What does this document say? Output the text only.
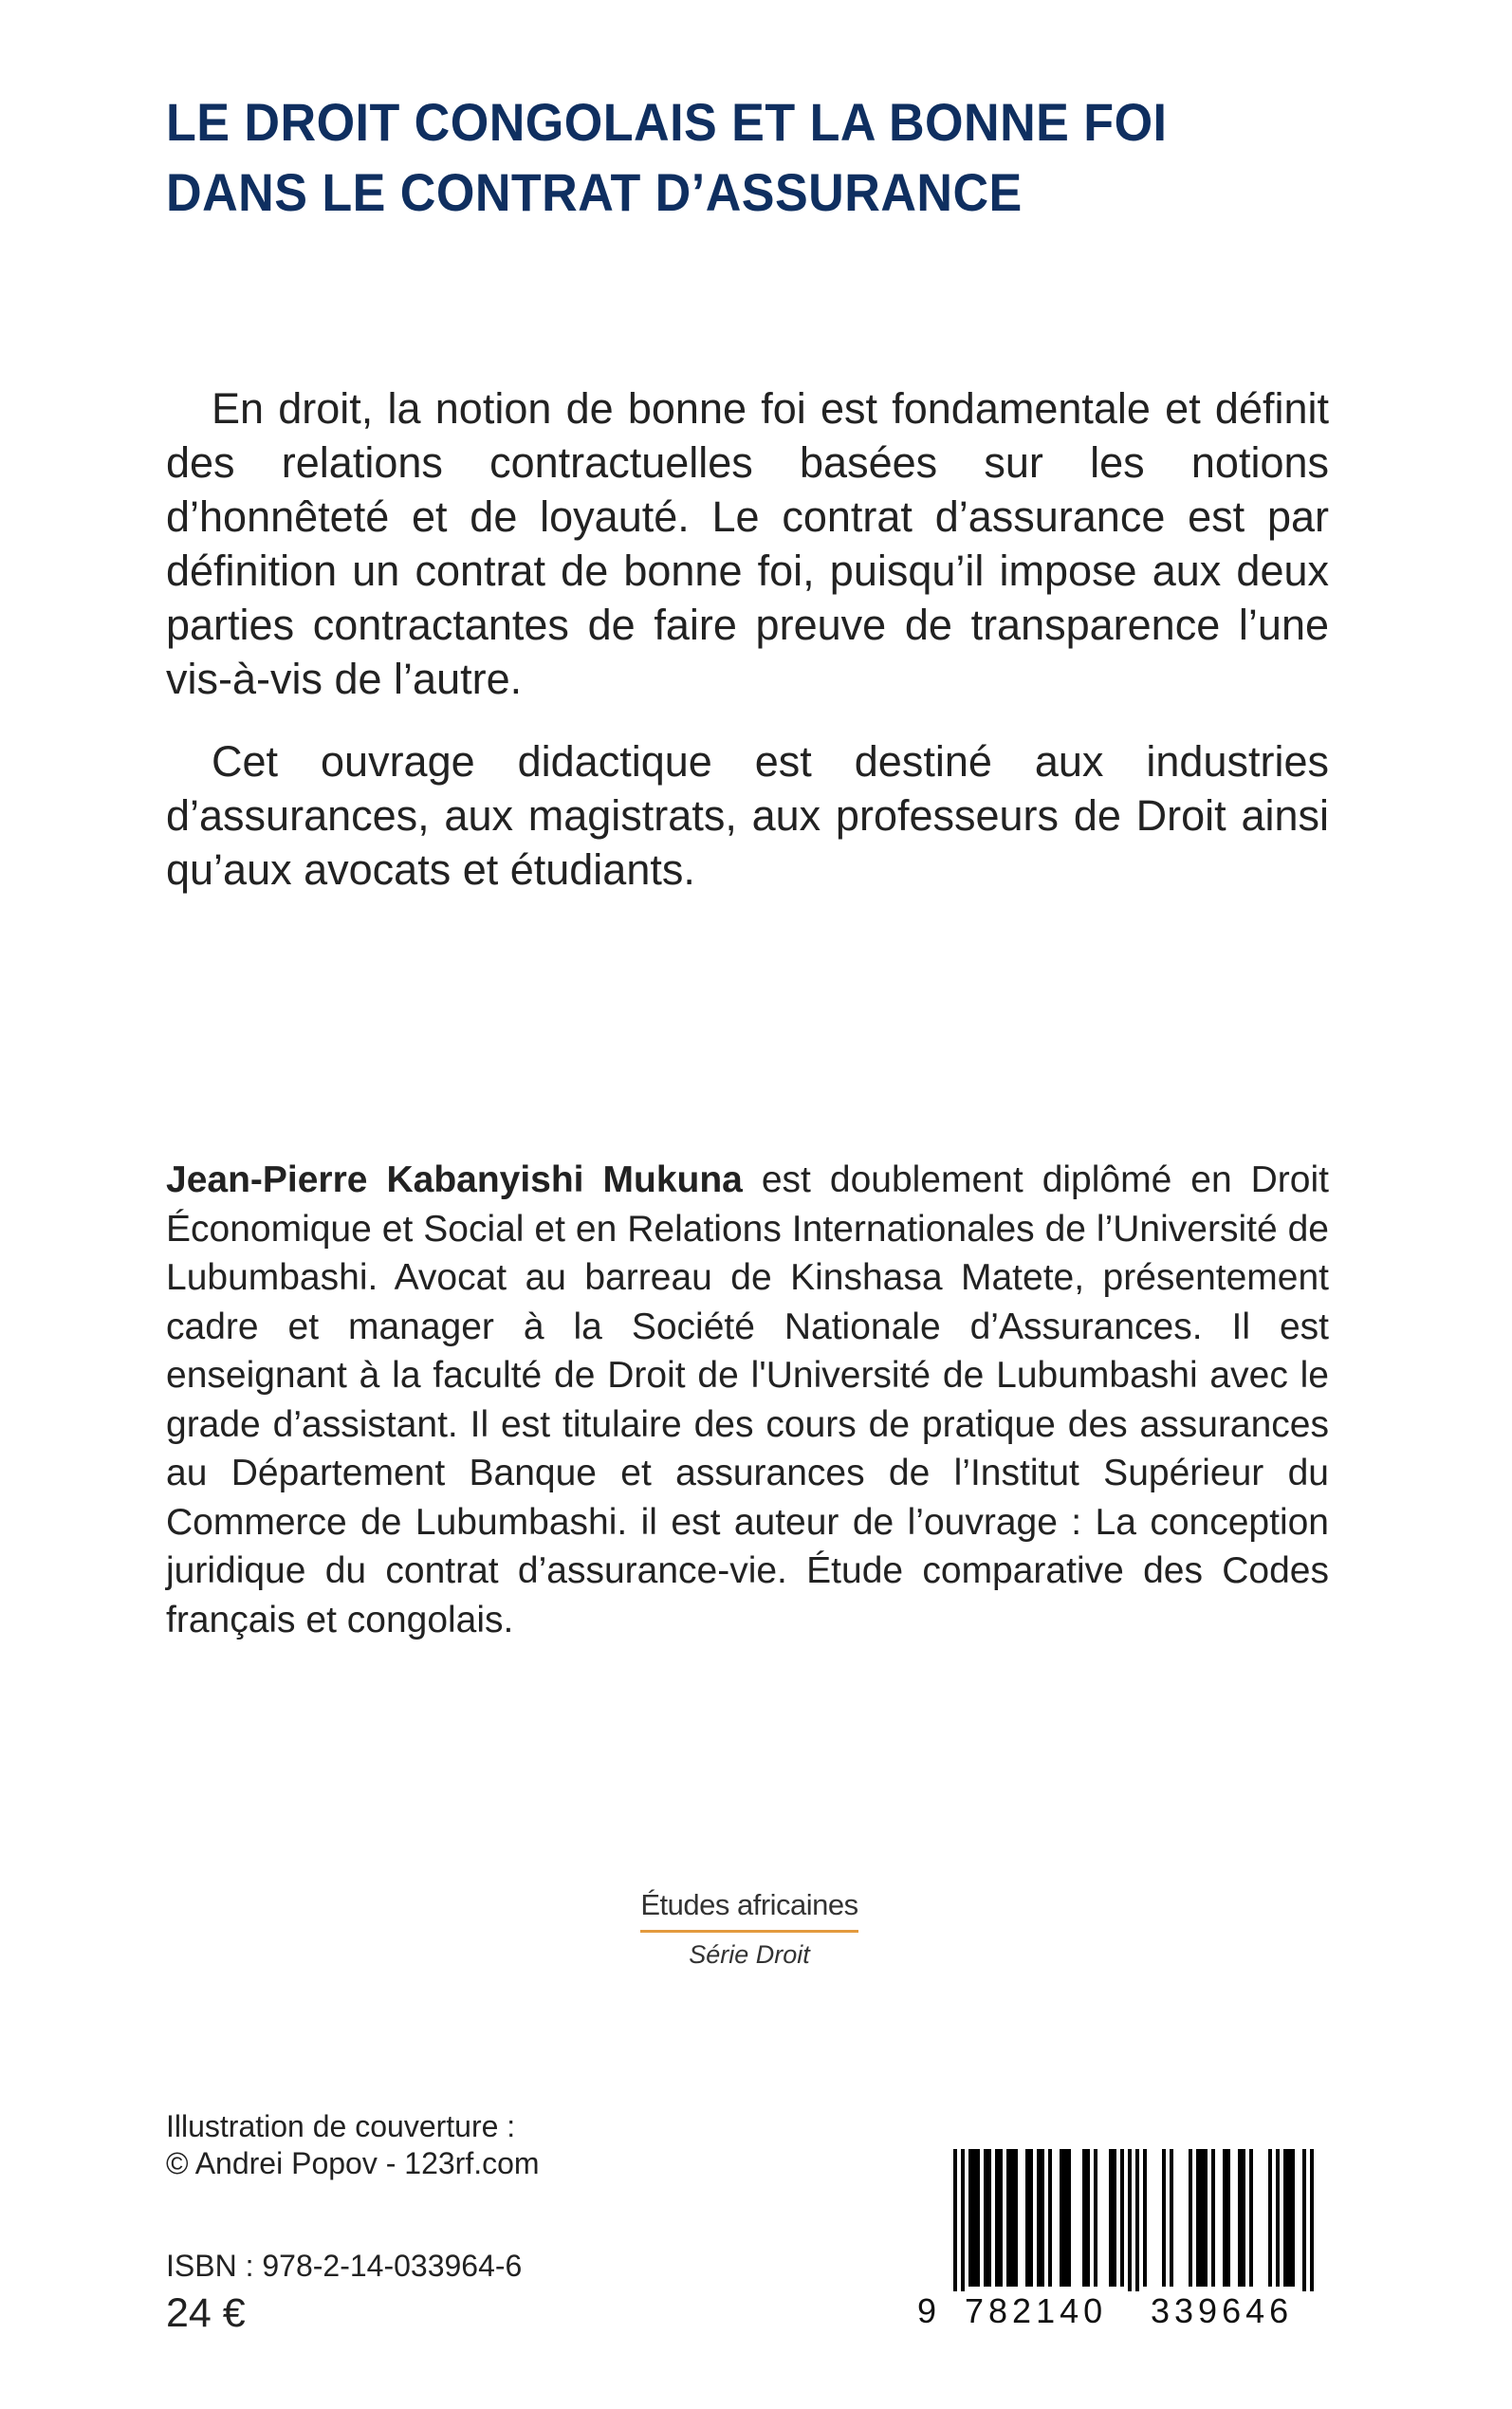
LE DROIT CONGOLAIS ET LA BONNE FOI
DANS LE CONTRAT D’ASSURANCE

En droit, la notion de bonne foi est fondamentale et définit des relations contractuelles basées sur les notions d’honnêteté et de loyauté. Le contrat d’assurance est par définition un contrat de bonne foi, puisqu’il impose aux deux parties contractantes de faire preuve de transparence l’une vis-à-vis de l’autre.

Cet ouvrage didactique est destiné aux industries d’assurances, aux magistrats, aux professeurs de Droit ainsi qu’aux avocats et étudiants.

Jean-Pierre Kabanyishi Mukuna est doublement diplômé en Droit Économique et Social et en Relations Internationales de l’Université de Lubumbashi. Avocat au barreau de Kinshasa Matete, présentement cadre et manager à la Société Nationale d’Assurances. Il est enseignant à la faculté de Droit de l'Université de Lubumbashi avec le grade d’assistant. Il est titulaire des cours de pratique des assurances au Département Banque et assurances de l’Institut Supérieur du Commerce de Lubumbashi. il est auteur de l’ouvrage : La conception juridique du contrat d’assurance-vie. Étude comparative des Codes français et congolais.
Études africaines
Série Droit
Illustration de couverture :
© Andrei Popov - 123rf.com
ISBN : 978-2-14-033964-6
24 €	9 782140 339646
